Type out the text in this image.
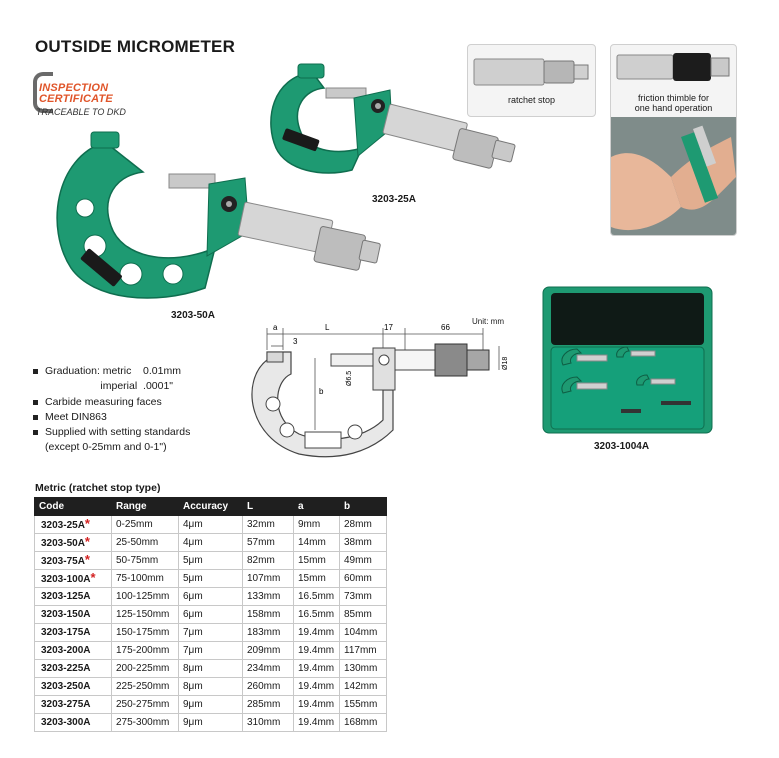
OUTSIDE MICROMETER
INSPECTION
CERTIFICATE
TRACEABLE TO DKD
3203-25A
3203-50A
ratchet stop	friction thimble for
one hand operation
Unit: mm
a	L	17	66
3
b
Ø6.5
Ø18
Graduation: metric    0.01mm
imperial  .0001"
Carbide measuring faces
Meet DIN863
Supplied with setting standards
(except 0-25mm and 0-1")	3203-1004A
Metric (ratchet stop type)
Code	Range	Accuracy	L	a	b
3203-25A*	0-25mm	4μm	32mm	9mm	28mm
3203-50A*	25-50mm	4μm	57mm	14mm	38mm
3203-75A*	50-75mm	5μm	82mm	15mm	49mm
3203-100A*	75-100mm	5μm	107mm	15mm	60mm
3203-125A	100-125mm	6μm	133mm	16.5mm	73mm
3203-150A	125-150mm	6μm	158mm	16.5mm	85mm
3203-175A	150-175mm	7μm	183mm	19.4mm	104mm
3203-200A	175-200mm	7μm	209mm	19.4mm	117mm
3203-225A	200-225mm	8μm	234mm	19.4mm	130mm
3203-250A	225-250mm	8μm	260mm	19.4mm	142mm
3203-275A	250-275mm	9μm	285mm	19.4mm	155mm
3203-300A	275-300mm	9μm	310mm	19.4mm	168mm
